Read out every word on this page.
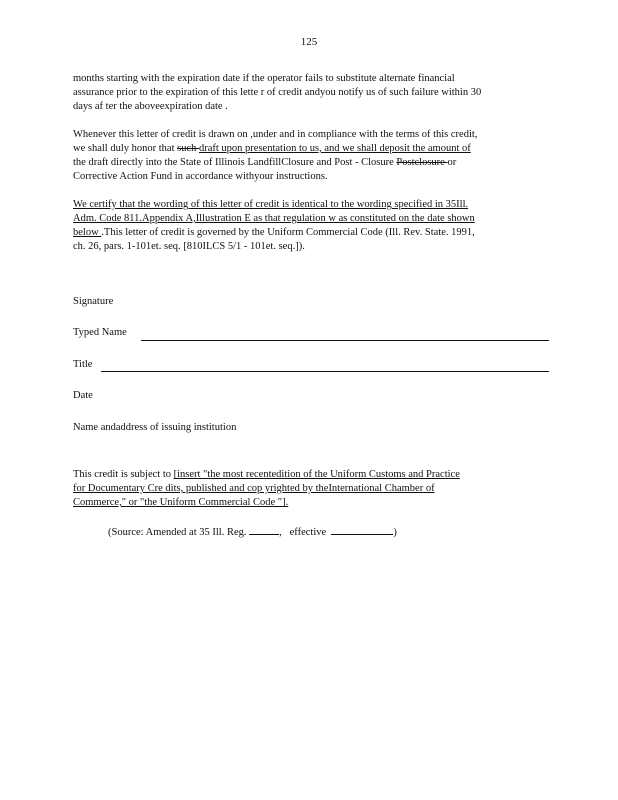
125
months starting with the expiration date if the operator fails to substitute alternate financial
assurance prior to the expiration of this lette r of credit andyou notify us of such failure within 30
days af ter the aboveexpiration date .
Whenever this letter of credit is drawn on ,under and in compliance with the terms of this credit,
we shall duly honor that such draft upon presentation to us, and we shall deposit the amount of
the draft directly into the State of Illinois LandfillClosure and Post - Closure Postclosure or
Corrective Action Fund in accordance withyour instructions.
We certify that the wording of this letter of credit is identical to the wording specified in 35Ill.
Adm. Code 811.Appendix A,Illustration E as that regulation w as constituted on the date shown
below .This letter of credit is governed by the Uniform Commercial Code (Ill. Rev. State. 1991,
ch. 26, pars. 1-101et. seq. [810ILCS 5/1 - 101et. seq.]).
Signature
Typed Name
Title
Date
Name andaddress of issuing institution
This credit is subject to [insert "the most recentedition of the Uniform Customs and Practice
for Documentary Cre dits, published and cop yrighted by theInternational Chamber of
Commerce," or "the Uniform Commercial Code "].
(Source: Amended at 35 Ill. Reg.	, effective	)
